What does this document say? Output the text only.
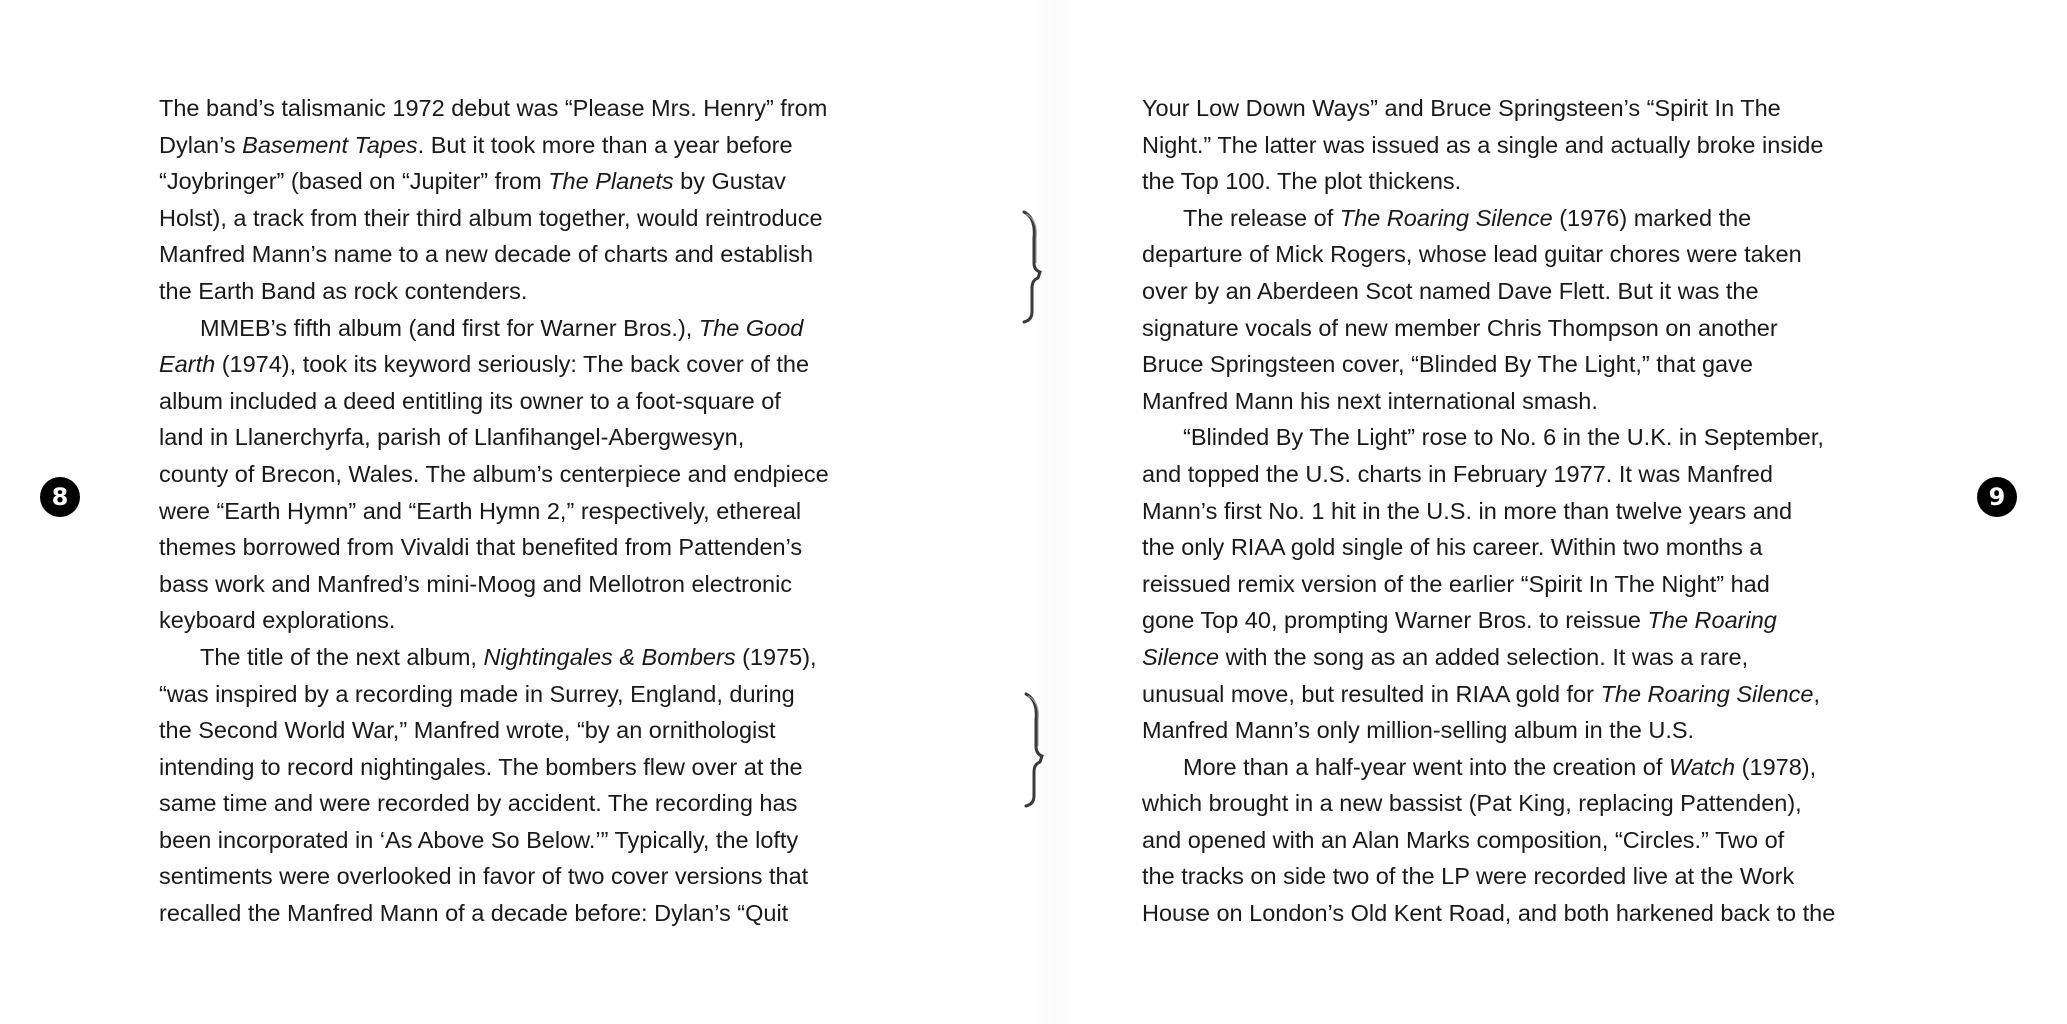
The band’s talismanic 1972 debut was “Please Mrs. Henry” from
Dylan’s Basement Tapes. But it took more than a year before
“Joybringer” (based on “Jupiter” from The Planets by Gustav
Holst), a track from their third album together, would reintroduce
Manfred Mann’s name to a new decade of charts and establish
the Earth Band as rock contenders.
MMEB’s fifth album (and first for Warner Bros.), The Good
Earth (1974), took its keyword seriously: The back cover of the
album included a deed entitling its owner to a foot-square of
land in Llanerchyrfa, parish of Llanfihangel-Abergwesyn,
county of Brecon, Wales. The album’s centerpiece and endpiece
were “Earth Hymn” and “Earth Hymn 2,” respectively, ethereal
themes borrowed from Vivaldi that benefited from Pattenden’s
bass work and Manfred’s mini-Moog and Mellotron electronic
keyboard explorations.
The title of the next album, Nightingales & Bombers (1975),
“was inspired by a recording made in Surrey, England, during
the Second World War,” Manfred wrote, “by an ornithologist
intending to record nightingales. The bombers flew over at the
same time and were recorded by accident. The recording has
been incorporated in ‘As Above So Below.’” Typically, the lofty
sentiments were overlooked in favor of two cover versions that
recalled the Manfred Mann of a decade before: Dylan’s “Quit
Your Low Down Ways” and Bruce Springsteen’s “Spirit In The
Night.” The latter was issued as a single and actually broke inside
the Top 100. The plot thickens.
The release of The Roaring Silence (1976) marked the
departure of Mick Rogers, whose lead guitar chores were taken
over by an Aberdeen Scot named Dave Flett. But it was the
signature vocals of new member Chris Thompson on another
Bruce Springsteen cover, “Blinded By The Light,” that gave
Manfred Mann his next international smash.
“Blinded By The Light” rose to No. 6 in the U.K. in September,
and topped the U.S. charts in February 1977. It was Manfred
Mann’s first No. 1 hit in the U.S. in more than twelve years and
the only RIAA gold single of his career. Within two months a
reissued remix version of the earlier “Spirit In The Night” had
gone Top 40, prompting Warner Bros. to reissue The Roaring
Silence with the song as an added selection. It was a rare,
unusual move, but resulted in RIAA gold for The Roaring Silence,
Manfred Mann’s only million-selling album in the U.S.
More than a half-year went into the creation of Watch (1978),
which brought in a new bassist (Pat King, replacing Pattenden),
and opened with an Alan Marks composition, “Circles.” Two of
the tracks on side two of the LP were recorded live at the Work
House on London’s Old Kent Road, and both harkened back to the
8	9
